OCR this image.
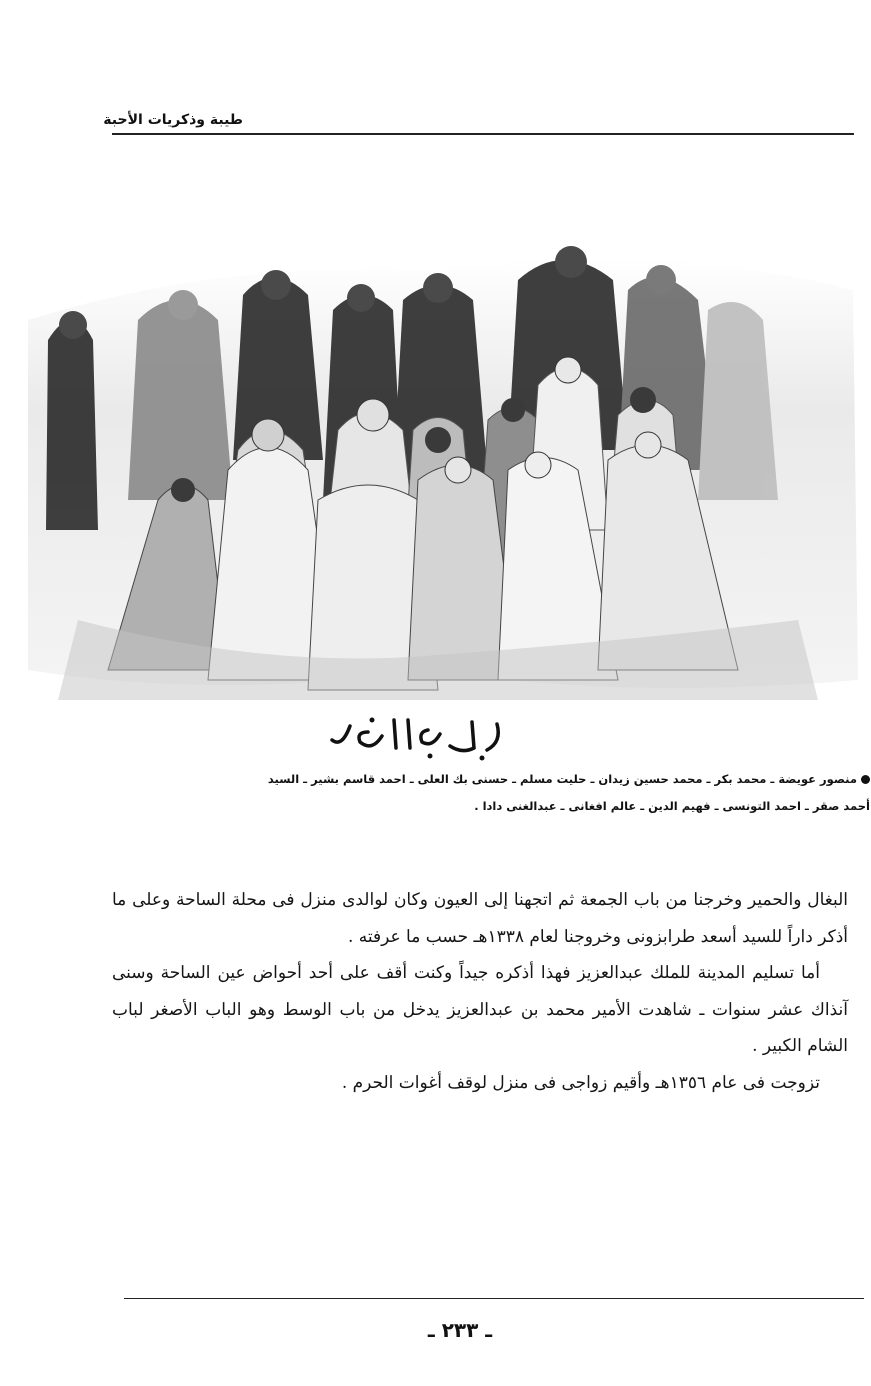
طيبة وذكريات الأحبة
منصور عويضة ـ محمد بكر ـ محمد حسين زيدان ـ حليت مسلم ـ حسنى بك العلى ـ احمد قاسم بشير ـ السيد
أحمد صقر ـ احمد التونسى ـ فهيم الدين ـ عالم افغانى ـ عبدالغنى دادا .

البغال والحمير وخرجنا من باب الجمعة ثم اتجهنا إلى العيون وكان لوالدى منزل فى محلة الساحة وعلى ما أذكر داراً للسيد أسعد طرابزونى وخروجنا لعام ١٣٣٨هـ حسب ما عرفته .

أما تسليم المدينة للملك عبدالعزيز فهذا أذكره جيداً وكنت أقف على أحد أحواض عين الساحة وسنى آنذاك عشر سنوات ـ شاهدت الأمير محمد بن عبدالعزيز يدخل من باب الوسط وهو الباب الأصغر لباب الشام الكبير .

تزوجت فى عام ١٣٥٦هـ وأقيم زواجى فى منزل لوقف أغوات الحرم .

ـ ٢٣٣ ـ
